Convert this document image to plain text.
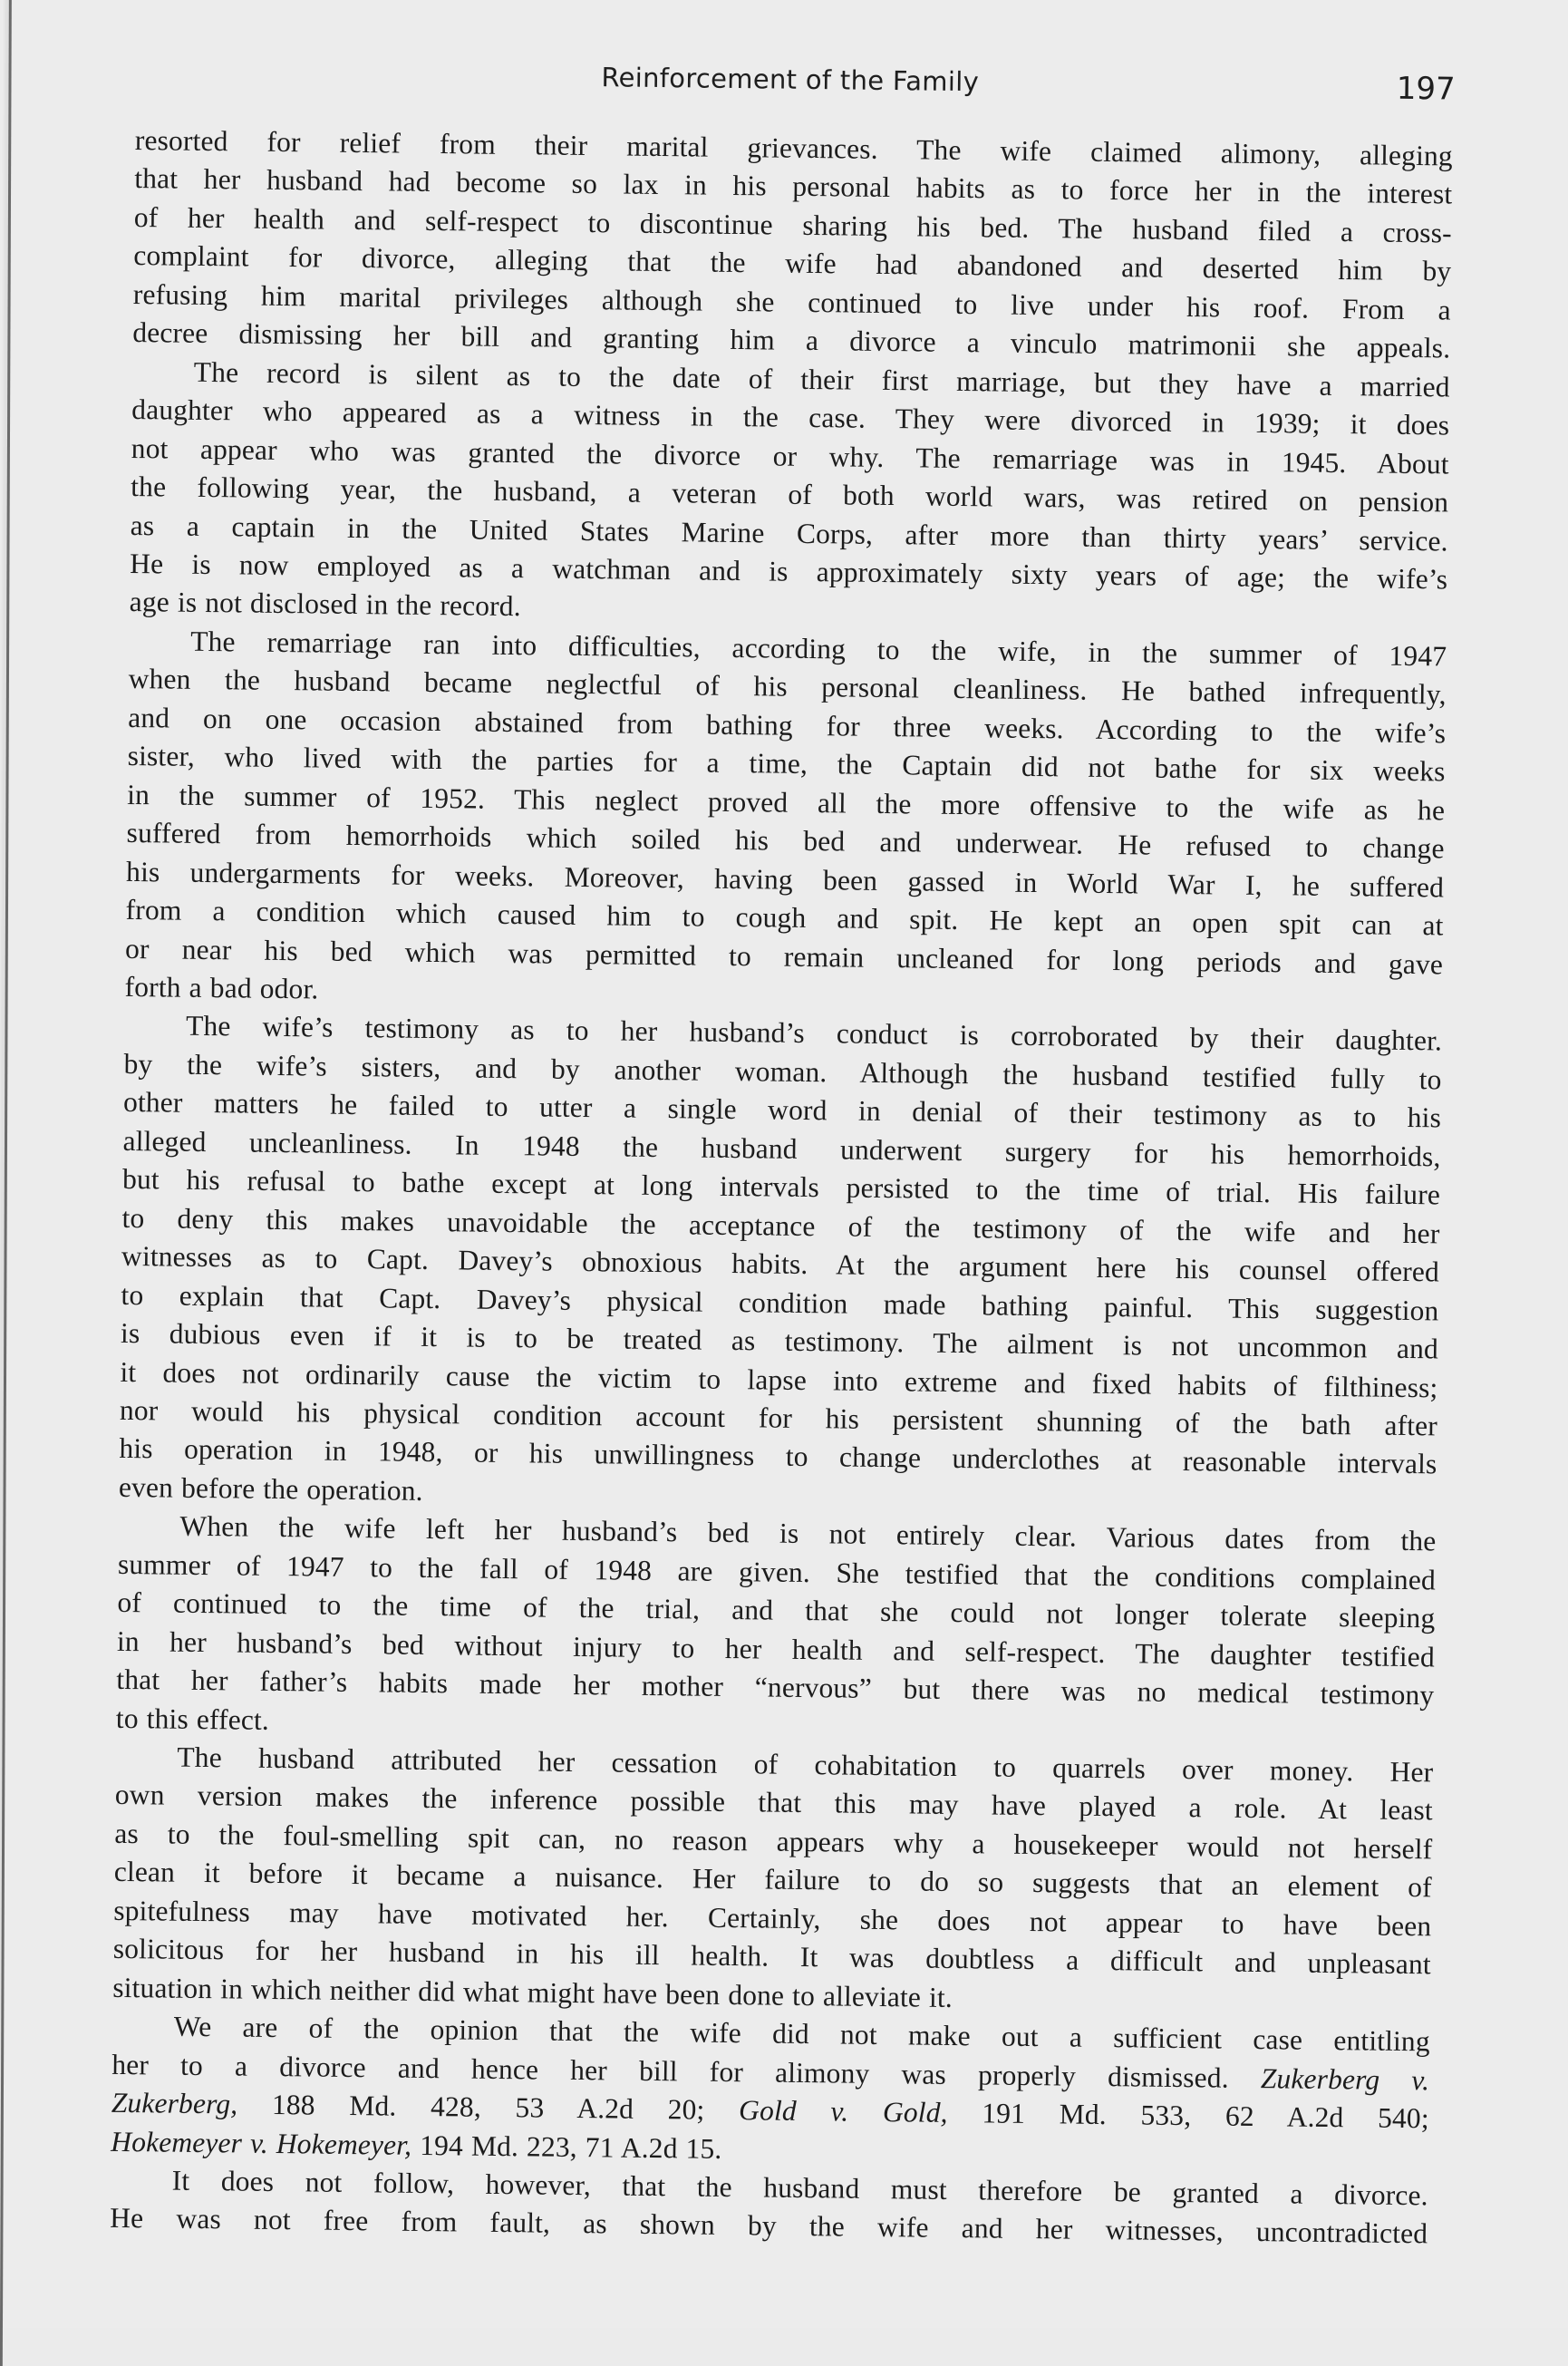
Reinforcement of the Family	197
resorted for relief from their marital grievances. The wife claimed alimony, alleging
that her husband had become so lax in his personal habits as to force her in the interest
of her health and self-respect to discontinue sharing his bed. The husband filed a cross-
complaint for divorce, alleging that the wife had abandoned and deserted him by
refusing him marital privileges although she continued to live under his roof. From a
decree dismissing her bill and granting him a divorce a vinculo matrimonii she appeals.
The record is silent as to the date of their first marriage, but they have a married
daughter who appeared as a witness in the case. They were divorced in 1939; it does
not appear who was granted the divorce or why. The remarriage was in 1945. About
the following year, the husband, a veteran of both world wars, was retired on pension
as a captain in the United States Marine Corps, after more than thirty years’ service.
He is now employed as a watchman and is approximately sixty years of age; the wife’s
age is not disclosed in the record.
The remarriage ran into difficulties, according to the wife, in the summer of 1947
when the husband became neglectful of his personal cleanliness. He bathed infrequently,
and on one occasion abstained from bathing for three weeks. According to the wife’s
sister, who lived with the parties for a time, the Captain did not bathe for six weeks
in the summer of 1952. This neglect proved all the more offensive to the wife as he
suffered from hemorrhoids which soiled his bed and underwear. He refused to change
his undergarments for weeks. Moreover, having been gassed in World War I, he suffered
from a condition which caused him to cough and spit. He kept an open spit can at
or near his bed which was permitted to remain uncleaned for long periods and gave
forth a bad odor.
The wife’s testimony as to her husband’s conduct is corroborated by their daughter.
by the wife’s sisters, and by another woman. Although the husband testified fully to
other matters he failed to utter a single word in denial of their testimony as to his
alleged uncleanliness. In 1948 the husband underwent surgery for his hemorrhoids,
but his refusal to bathe except at long intervals persisted to the time of trial. His failure
to deny this makes unavoidable the acceptance of the testimony of the wife and her
witnesses as to Capt. Davey’s obnoxious habits. At the argument here his counsel offered
to explain that Capt. Davey’s physical condition made bathing painful. This suggestion
is dubious even if it is to be treated as testimony. The ailment is not uncommon and
it does not ordinarily cause the victim to lapse into extreme and fixed habits of filthiness;
nor would his physical condition account for his persistent shunning of the bath after
his operation in 1948, or his unwillingness to change underclothes at reasonable intervals
even before the operation.
When the wife left her husband’s bed is not entirely clear. Various dates from the
summer of 1947 to the fall of 1948 are given. She testified that the conditions complained
of continued to the time of the trial, and that she could not longer tolerate sleeping
in her husband’s bed without injury to her health and self-respect. The daughter testified
that her father’s habits made her mother “nervous” but there was no medical testimony
to this effect.
The husband attributed her cessation of cohabitation to quarrels over money. Her
own version makes the inference possible that this may have played a role. At least
as to the foul-smelling spit can, no reason appears why a housekeeper would not herself
clean it before it became a nuisance. Her failure to do so suggests that an element of
spitefulness may have motivated her. Certainly, she does not appear to have been
solicitous for her husband in his ill health. It was doubtless a difficult and unpleasant
situation in which neither did what might have been done to alleviate it.
We are of the opinion that the wife did not make out a sufficient case entitling
her to a divorce and hence her bill for alimony was properly dismissed. Zukerberg v.
Zukerberg, 188 Md. 428, 53 A.2d 20; Gold v. Gold, 191 Md. 533, 62 A.2d 540;
Hokemeyer v. Hokemeyer, 194 Md. 223, 71 A.2d 15.
It does not follow, however, that the husband must therefore be granted a divorce.
He was not free from fault, as shown by the wife and her witnesses, uncontradicted
